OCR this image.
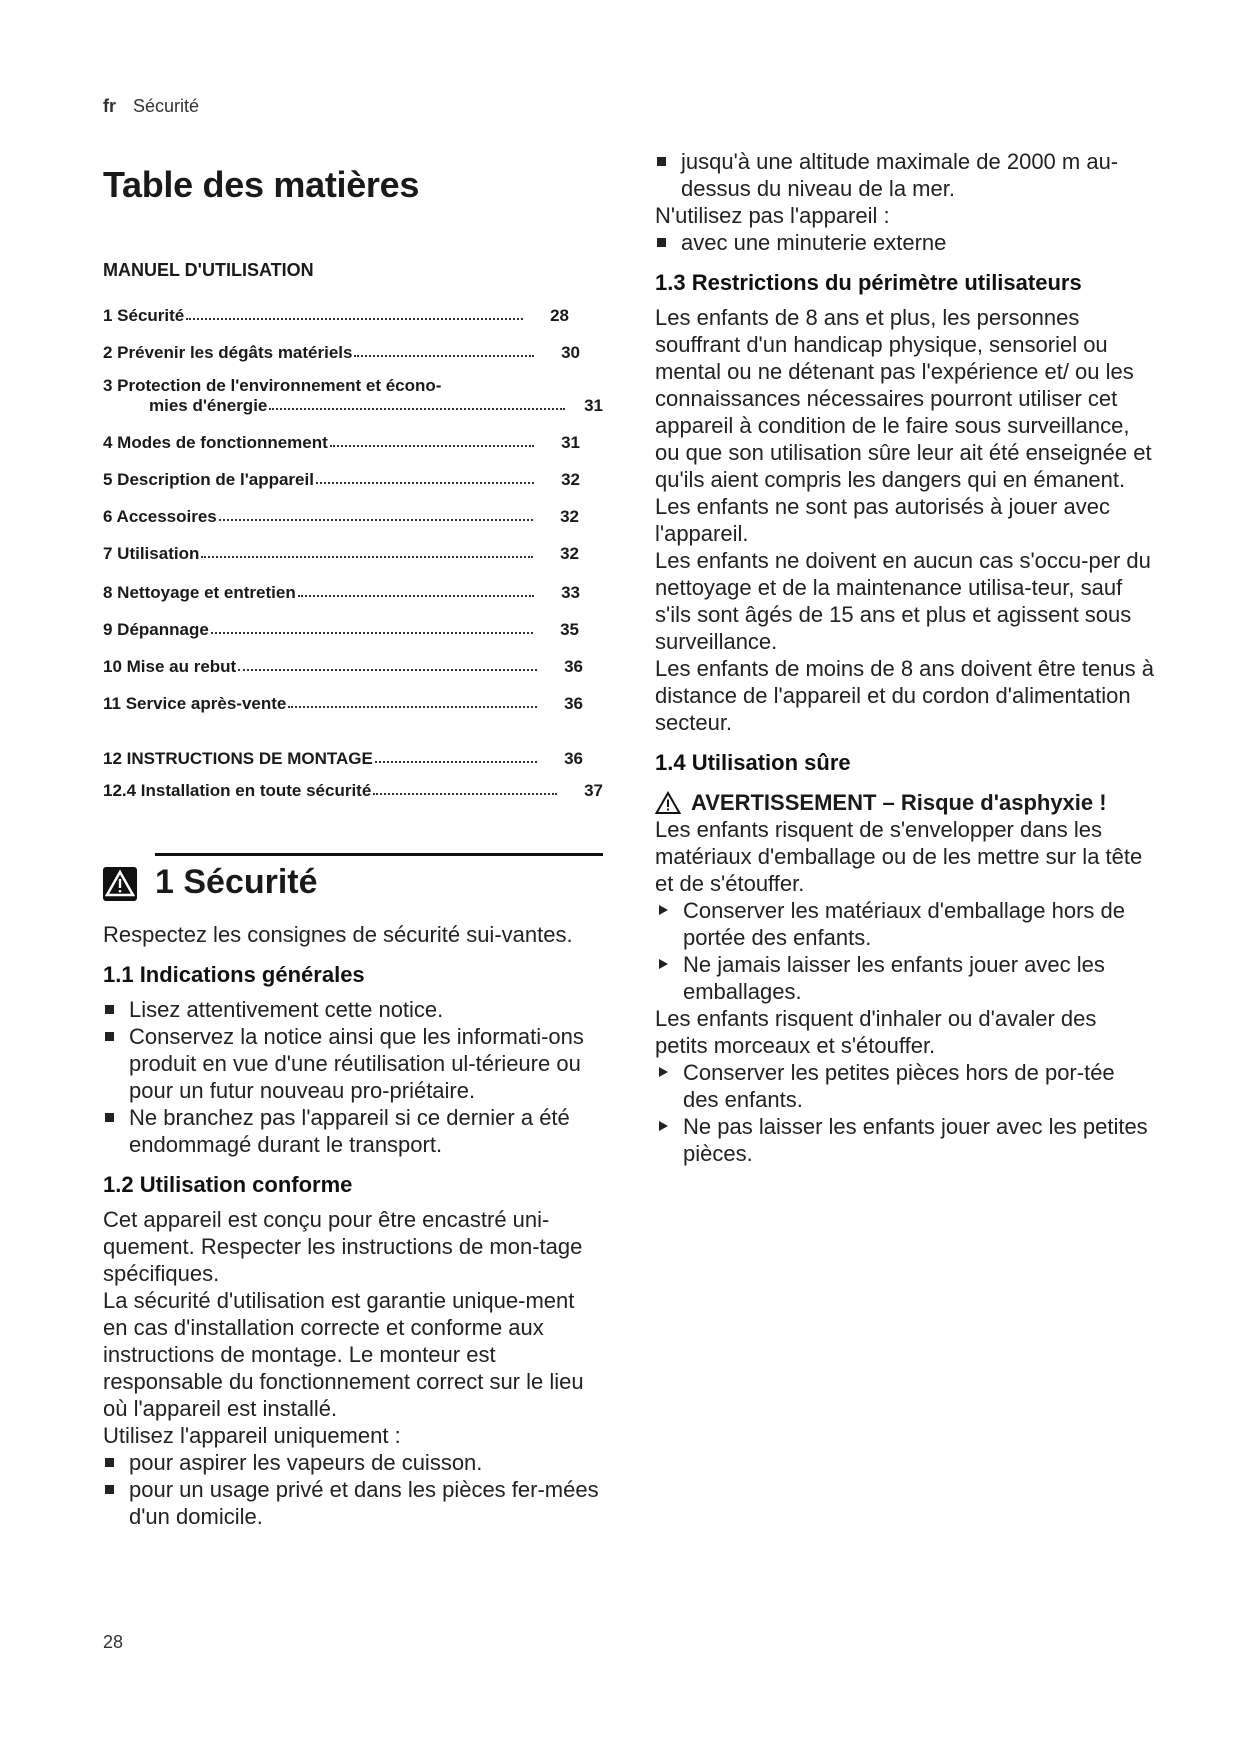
fr Sécurité
Table des matières
MANUEL D'UTILISATION
1 Sécurité	28
2 Prévenir les dégâts matériels	30
3 Protection de l'environnement et écono-
mies d'énergie	31
4 Modes de fonctionnement	31
5 Description de l'appareil	32
6 Accessoires	32
7 Utilisation	32
8 Nettoyage et entretien	33
9 Dépannage	35
10 Mise au rebut	36
11 Service après-vente	36
12 INSTRUCTIONS DE MONTAGE	36
12.4 Installation en toute sécurité	37
1 Sécurité

Respectez les consignes de sécurité sui-vantes.

1.1 Indications générales
Lisez attentivement cette notice.
Conservez la notice ainsi que les informati-ons produit en vue d'une réutilisation ul-térieure ou pour un futur nouveau pro-priétaire.
Ne branchez pas l'appareil si ce dernier a été endommagé durant le transport.
1.2 Utilisation conforme

Cet appareil est conçu pour être encastré uni-quement. Respecter les instructions de mon-tage spécifiques.

La sécurité d'utilisation est garantie unique-ment en cas d'installation correcte et conforme aux instructions de montage. Le monteur est responsable du fonctionnement correct sur le lieu où l'appareil est installé.

Utilisez l'appareil uniquement :

pour aspirer les vapeurs de cuisson.
pour un usage privé et dans les pièces fer-mées d'un domicile.
jusqu'à une altitude maximale de 2000 m au-dessus du niveau de la mer.

N'utilisez pas l'appareil :

avec une minuterie externe
1.3 Restrictions du périmètre utilisateurs

Les enfants de 8 ans et plus, les personnes souffrant d'un handicap physique, sensoriel ou mental ou ne détenant pas l'expérience et/ ou les connaissances nécessaires pourront utiliser cet appareil à condition de le faire sous surveillance, ou que son utilisation sûre leur ait été enseignée et qu'ils aient compris les dangers qui en émanent.

Les enfants ne sont pas autorisés à jouer avec l'appareil.

Les enfants ne doivent en aucun cas s'occu-per du nettoyage et de la maintenance utilisa-teur, sauf s'ils sont âgés de 15 ans et plus et agissent sous surveillance.

Les enfants de moins de 8 ans doivent être tenus à distance de l'appareil et du cordon d'alimentation secteur.

1.4 Utilisation sûre
AVERTISSEMENT – Risque d'asphyxie !

Les enfants risquent de s'envelopper dans les matériaux d'emballage ou de les mettre sur la tête et de s'étouffer.

Conserver les matériaux d'emballage hors de portée des enfants.
Ne jamais laisser les enfants jouer avec les emballages.

Les enfants risquent d'inhaler ou d'avaler des petits morceaux et s'étouffer.

Conserver les petites pièces hors de por-tée des enfants.
Ne pas laisser les enfants jouer avec les petites pièces.
28
